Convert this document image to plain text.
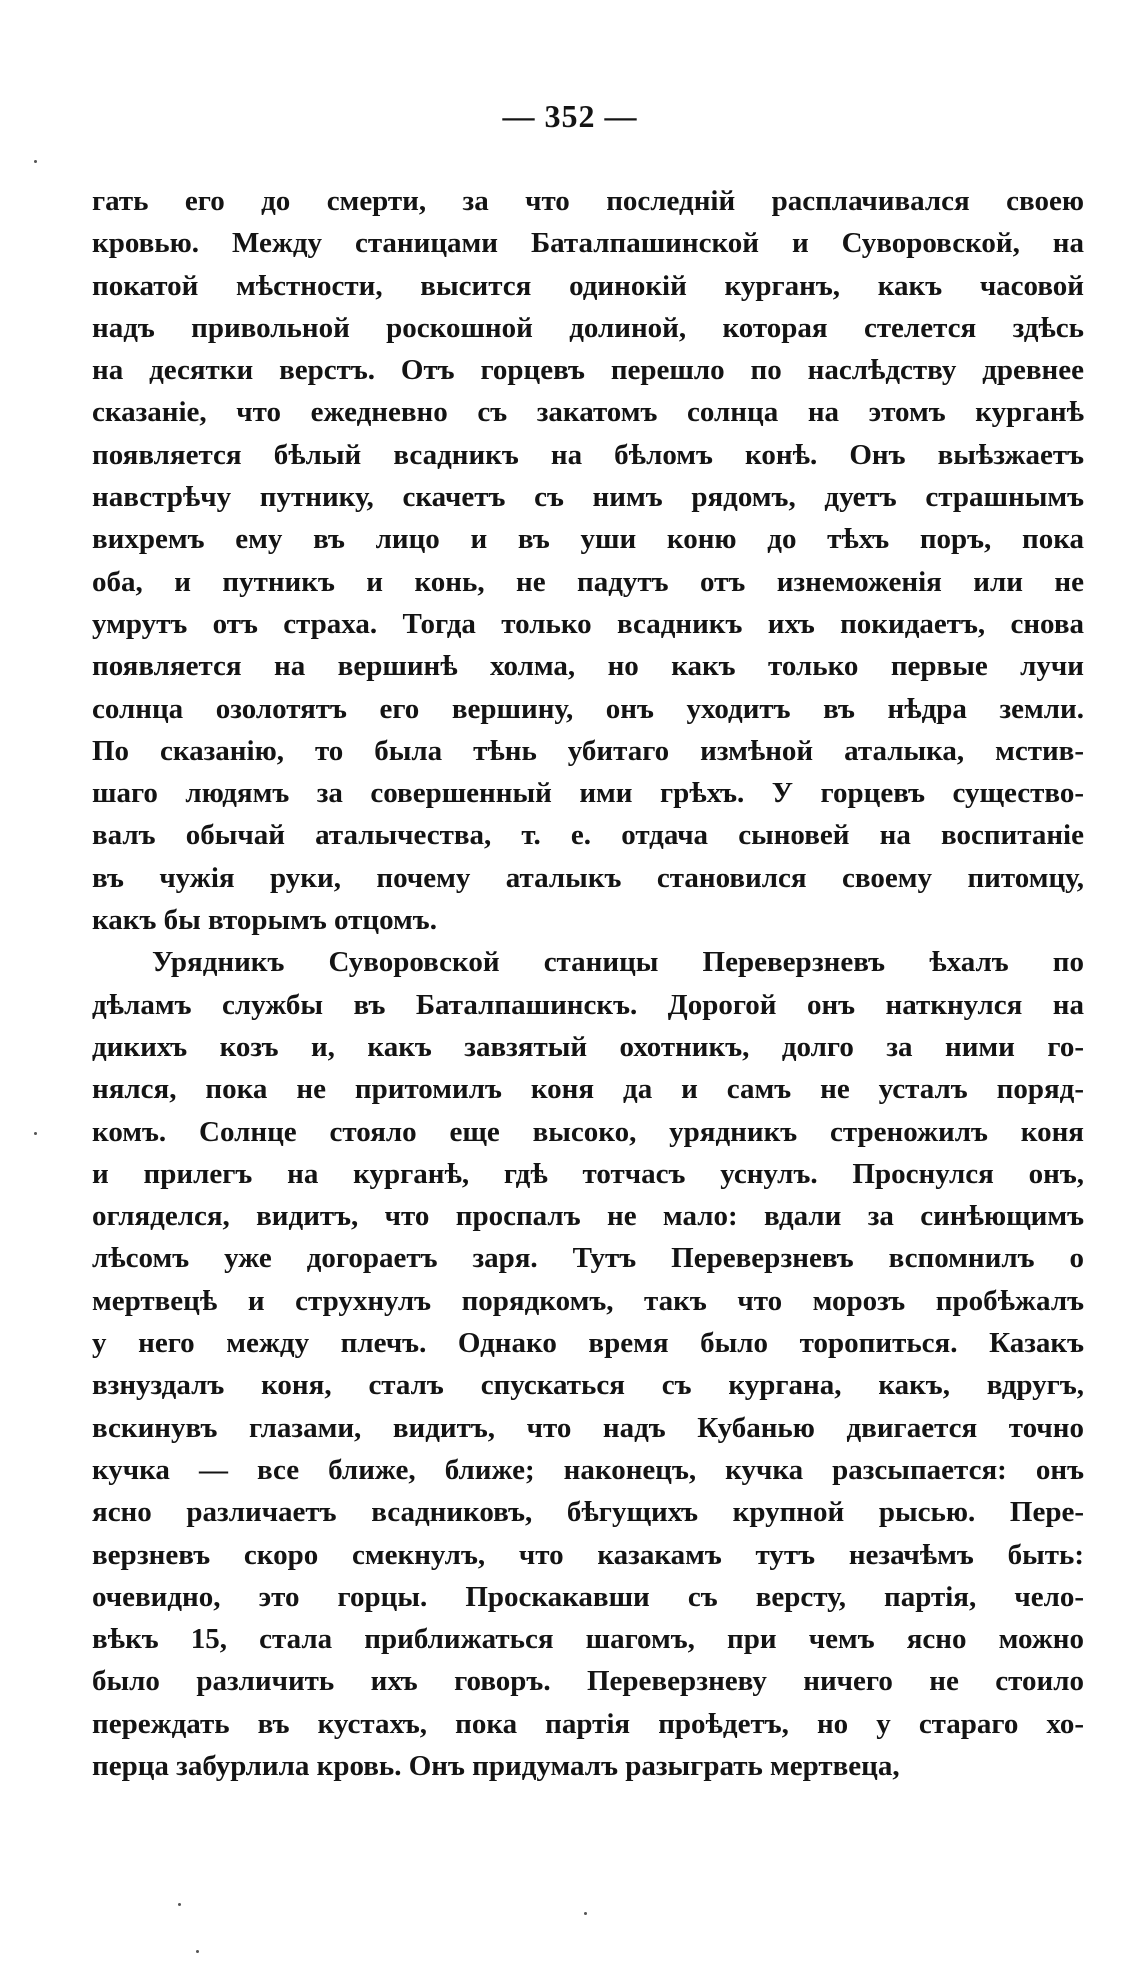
— 352 —
гать его до смерти, за что последній расплачивался своею
кровью. Между станицами Баталпашинской и Суворовской, на
покатой мѣстности, высится одинокій курганъ, какъ часовой
надъ привольной роскошной долиной, которая стелется здѣсь
на десятки верстъ. Отъ горцевъ перешло по наслѣдству древнее
сказаніе, что ежедневно съ закатомъ солнца на этомъ курганѣ
появляется бѣлый всадникъ на бѣломъ конѣ. Онъ выѣзжаетъ
навстрѣчу путнику, скачетъ съ нимъ рядомъ, дуетъ страшнымъ
вихремъ ему въ лицо и въ уши коню до тѣхъ поръ, пока
оба, и путникъ и конь, не падутъ отъ изнеможенія или не
умрутъ отъ страха. Тогда только всадникъ ихъ покидаетъ, снова
появляется на вершинѣ холма, но какъ только первые лучи
солнца озолотятъ его вершину, онъ уходитъ въ нѣдра земли.
По сказанію, то была тѣнь убитаго измѣной аталыка, мстив-
шаго людямъ за совершенный ими грѣхъ. У горцевъ существо-
валъ обычай аталычества, т. е. отдача сыновей на воспитаніе
въ чужія руки, почему аталыкъ становился своему питомцу,
какъ бы вторымъ отцомъ.
Урядникъ Суворовской станицы Переверзневъ ѣхалъ по
дѣламъ службы въ Баталпашинскъ. Дорогой онъ наткнулся на
дикихъ козъ и, какъ завзятый охотникъ, долго за ними го-
нялся, пока не притомилъ коня да и самъ не усталъ поряд-
комъ. Солнце стояло еще высоко, урядникъ стреножилъ коня
и прилегъ на курганѣ, гдѣ тотчасъ уснулъ. Проснулся онъ,
огляделся, видитъ, что проспалъ не мало: вдали за синѣющимъ
лѣсомъ уже догораетъ заря. Тутъ Переверзневъ вспомнилъ о
мертвецѣ и струхнулъ порядкомъ, такъ что морозъ пробѣжалъ
у него между плечъ. Однако время было торопиться. Казакъ
взнуздалъ коня, сталъ спускаться съ кургана, какъ, вдругъ,
вскинувъ глазами, видитъ, что надъ Кубанью двигается точно
кучка — все ближе, ближе; наконецъ, кучка разсыпается: онъ
ясно различаетъ всадниковъ, бѣгущихъ крупной рысью. Пере-
верзневъ скоро смекнулъ, что казакамъ тутъ незачѣмъ быть:
очевидно, это горцы. Проскакавши съ версту, партія, чело-
вѣкъ 15, стала приближаться шагомъ, при чемъ ясно можно
было различить ихъ говоръ. Переверзневу ничего не стоило
переждать въ кустахъ, пока партія проѣдетъ, но у стараго хо-
перца забурлила кровь. Онъ придумалъ разыграть мертвеца,
